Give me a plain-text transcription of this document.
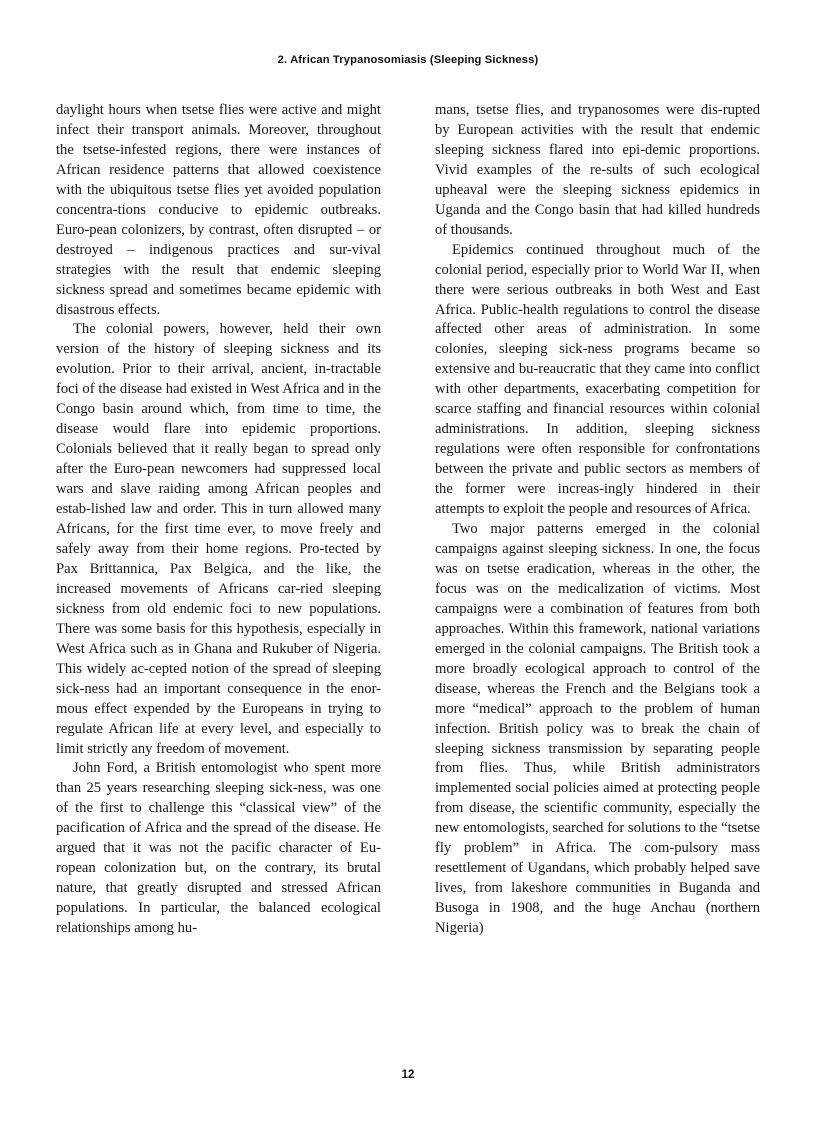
2. African Trypanosomiasis (Sleeping Sickness)

daylight hours when tsetse flies were active and might infect their transport animals. Moreover, throughout the tsetse-infested regions, there were instances of African residence patterns that allowed coexistence with the ubiquitous tsetse flies yet avoided population concentra-tions conducive to epidemic outbreaks. Euro-pean colonizers, by contrast, often disrupted – or destroyed – indigenous practices and sur-vival strategies with the result that endemic sleeping sickness spread and sometimes became epidemic with disastrous effects.

The colonial powers, however, held their own version of the history of sleeping sickness and its evolution. Prior to their arrival, ancient, in-tractable foci of the disease had existed in West Africa and in the Congo basin around which, from time to time, the disease would flare into epidemic proportions. Colonials believed that it really began to spread only after the Euro-pean newcomers had suppressed local wars and slave raiding among African peoples and estab-lished law and order. This in turn allowed many Africans, for the first time ever, to move freely and safely away from their home regions. Pro-tected by Pax Brittannica, Pax Belgica, and the like, the increased movements of Africans car-ried sleeping sickness from old endemic foci to new populations. There was some basis for this hypothesis, especially in West Africa such as in Ghana and Rukuber of Nigeria. This widely ac-cepted notion of the spread of sleeping sick-ness had an important consequence in the enor-mous effect expended by the Europeans in trying to regulate African life at every level, and especially to limit strictly any freedom of movement.

John Ford, a British entomologist who spent more than 25 years researching sleeping sick-ness, was one of the first to challenge this “classical view” of the pacification of Africa and the spread of the disease. He argued that it was not the pacific character of Eu-ropean colonization but, on the contrary, its brutal nature, that greatly disrupted and stressed African populations. In particular, the balanced ecological relationships among hu-

mans, tsetse flies, and trypanosomes were dis-rupted by European activities with the result that endemic sleeping sickness flared into epi-demic proportions. Vivid examples of the re-sults of such ecological upheaval were the sleeping sickness epidemics in Uganda and the Congo basin that had killed hundreds of thousands.

Epidemics continued throughout much of the colonial period, especially prior to World War II, when there were serious outbreaks in both West and East Africa. Public-health regulations to control the disease affected other areas of administration. In some colonies, sleeping sick-ness programs became so extensive and bu-reaucratic that they came into conflict with other departments, exacerbating competition for scarce staffing and financial resources within colonial administrations. In addition, sleeping sickness regulations were often responsible for confrontations between the private and public sectors as members of the former were increas-ingly hindered in their attempts to exploit the people and resources of Africa.

Two major patterns emerged in the colonial campaigns against sleeping sickness. In one, the focus was on tsetse eradication, whereas in the other, the focus was on the medicalization of victims. Most campaigns were a combination of features from both approaches. Within this framework, national variations emerged in the colonial campaigns. The British took a more broadly ecological approach to control of the disease, whereas the French and the Belgians took a more “medical” approach to the problem of human infection. British policy was to break the chain of sleeping sickness transmission by separating people from flies. Thus, while British administrators implemented social policies aimed at protecting people from disease, the scientific community, especially the new entomologists, searched for solutions to the “tsetse fly problem” in Africa. The com-pulsory mass resettlement of Ugandans, which probably helped save lives, from lakeshore communities in Buganda and Busoga in 1908, and the huge Anchau (northern Nigeria)

12
